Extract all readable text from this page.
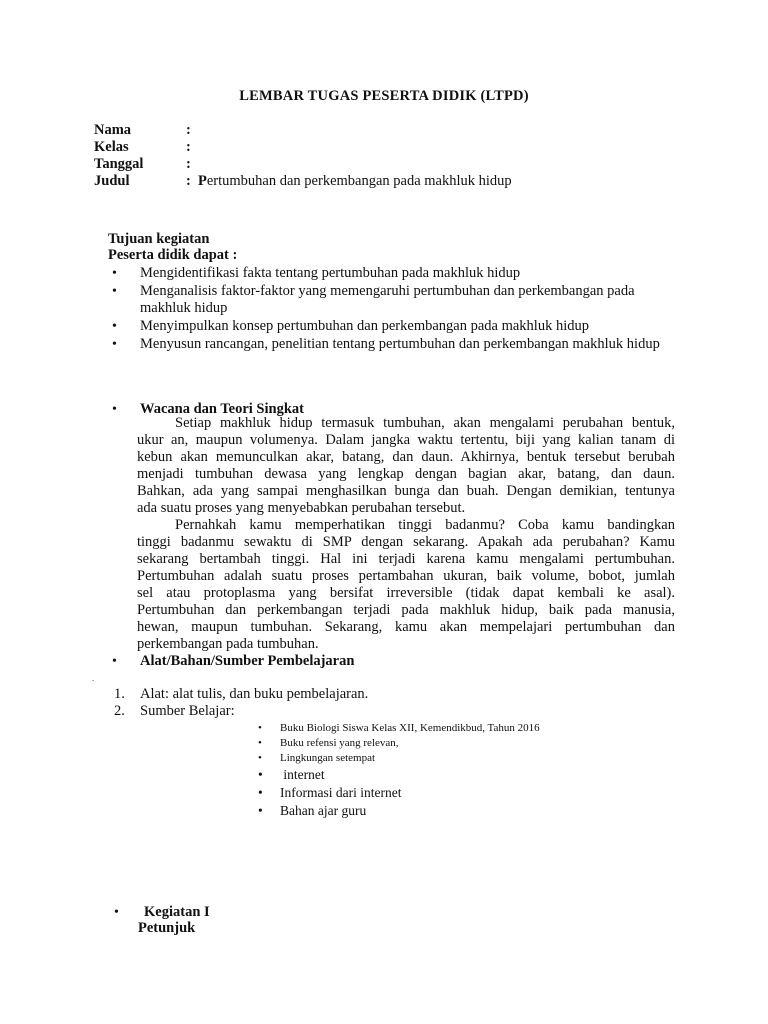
LEMBAR TUGAS PESERTA DIDIK (LTPD)
Nama	:
Kelas	:
Tanggal	:
Judul	: Pertumbuhan dan perkembangan pada makhluk hidup
Tujuan kegiatan
Peserta didik dapat :
•
Mengidentifikasi fakta tentang pertumbuhan pada makhluk hidup
•
Menganalisis faktor-faktor yang memengaruhi pertumbuhan dan perkembangan pada makhluk hidup
•
Menyimpulkan konsep pertumbuhan dan perkembangan pada makhluk hidup
•
Menyusun rancangan, penelitian tentang pertumbuhan dan perkembangan makhluk hidup
•
Wacana dan Teori Singkat
Setiap makhluk hidup termasuk tumbuhan, akan mengalami perubahan bentuk,
ukur an, maupun volumenya. Dalam jangka waktu tertentu, biji yang kalian tanam di
kebun akan memunculkan akar, batang, dan daun. Akhirnya, bentuk tersebut berubah
menjadi tumbuhan dewasa yang lengkap dengan bagian akar, batang, dan daun.
Bahkan, ada yang sampai menghasilkan bunga dan buah. Dengan demikian, tentunya
ada suatu proses yang menyebabkan perubahan tersebut.
Pernahkah kamu memperhatikan tinggi badanmu? Coba kamu bandingkan
tinggi badanmu sewaktu di SMP dengan sekarang. Apakah ada perubahan? Kamu
sekarang bertambah tinggi. Hal ini terjadi karena kamu mengalami pertumbuhan.
Pertumbuhan adalah suatu proses pertambahan ukuran, baik volume, bobot, jumlah
sel atau protoplasma yang bersifat irreversible (tidak dapat kembali ke asal).
Pertumbuhan dan perkembangan terjadi pada makhluk hidup, baik pada manusia,
hewan, maupun tumbuhan. Sekarang, kamu akan mempelajari pertumbuhan dan
perkembangan pada tumbuhan.
•
Alat/Bahan/Sumber Pembelajaran
.
1. Alat: alat tulis, dan buku pembelajaran.
2. Sumber Belajar:
• Buku Biologi Siswa Kelas XII, Kemendikbud, Tahun 2016
• Buku refensi yang relevan,
• Lingkungan setempat
• internet
• Informasi dari internet
• Bahan ajar guru
•
Kegiatan I
Petunjuk
